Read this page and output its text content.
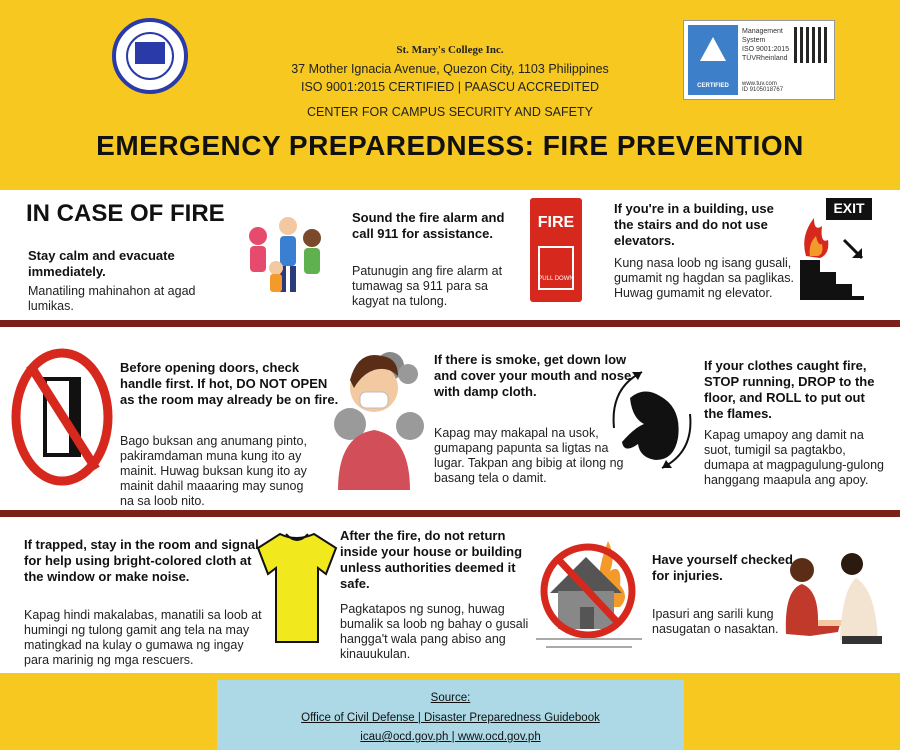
St. Mary's College Inc.
37 Mother Ignacia Avenue, Quezon City, 1103 Philippines
ISO 9001:2015 CERTIFIED | PAASCU ACCREDITED
CENTER FOR CAMPUS SECURITY AND SAFETY
EMERGENCY PREPAREDNESS: FIRE PREVENTION
CERTIFIED
Management
System
ISO 9001:2015
TÜVRheinland
www.tuv.com
ID 9105018767
IN CASE OF FIRE
Stay calm and evacuate immediately.
Manatiling mahinahon at agad lumikas.
Sound the fire alarm and call 911 for assistance.
Patunugin ang fire alarm at tumawag sa 911 para sa kagyat na tulong.
FIRE
PULL DOWN
If you're in a building, use the stairs and do not use elevators.
Kung nasa loob ng isang gusali, gumamit ng hagdan sa paglikas. Huwag gumamit ng elevator.
EXIT
Before opening doors, check handle first. If hot, DO NOT OPEN as the room may already be on fire.
Bago buksan ang anumang pinto, pakiramdaman muna kung ito ay mainit. Huwag buksan kung ito ay mainit dahil maaaring may sunog na sa loob nito.
If there is smoke, get down low and cover your mouth and nose with damp cloth.
Kapag may makapal na usok, gumapang papunta sa ligtas na lugar. Takpan ang bibig at ilong ng basang tela o damit.
If your clothes caught fire, STOP running, DROP to the floor, and ROLL to put out the flames.
Kapag umapoy ang damit na suot, tumigil sa pagtakbo, dumapa at magpagulung-gulong hanggang maapula ang apoy.
If trapped, stay in the room and signal for help using bright-colored cloth at the window or make noise.
Kapag hindi makalabas, manatili sa loob at humingi ng tulong gamit ang tela na may matingkad na kulay o gumawa ng ingay para marinig ng mga rescuers.
After the fire, do not return inside your house or building unless authorities deemed it safe.
Pagkatapos ng sunog, huwag bumalik sa loob ng bahay o gusali hangga't wala pang abiso ang kinauukulan.
Have yourself checked for injuries.
Ipasuri ang sarili kung nasugatan o nasaktan.
Source:
Office of Civil Defense | Disaster Preparedness Guidebook
icau@ocd.gov.ph | www.ocd.gov.ph
